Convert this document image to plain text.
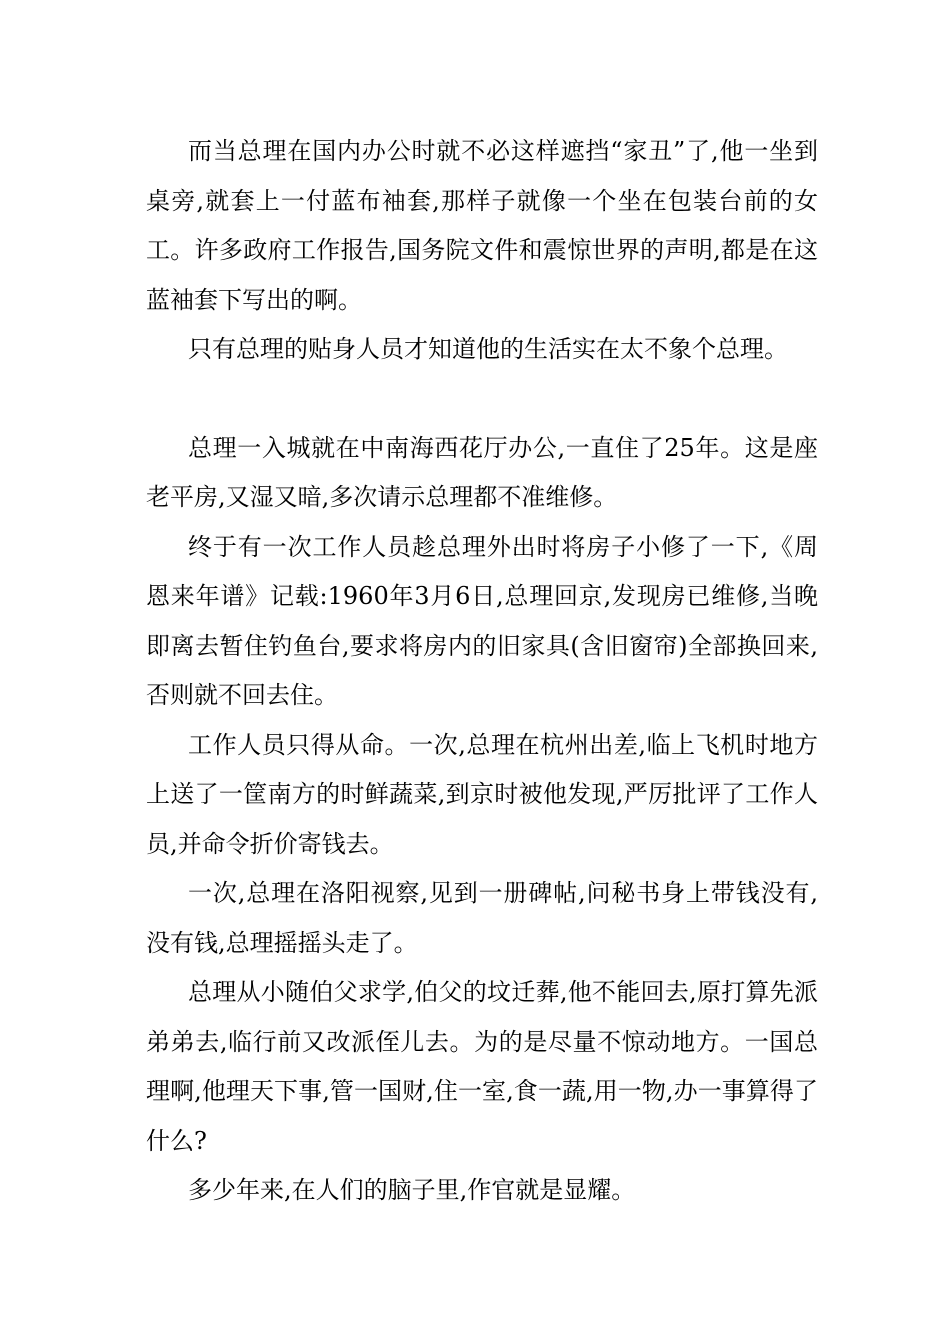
而当总理在国内办公时就不必这样遮挡“家丑”了,他一坐到桌旁,就套上一付蓝布袖套,那样子就像一个坐在包装台前的女工。许多政府工作报告,国务院文件和震惊世界的声明,都是在这蓝袖套下写出的啊。

只有总理的贴身人员才知道他的生活实在太不象个总理。

总理一入城就在中南海西花厅办公,一直住了25年。这是座老平房,又湿又暗,多次请示总理都不准维修。

终于有一次工作人员趁总理外出时将房子小修了一下,《周恩来年谱》记载:1960年3月6日,总理回京,发现房已维修,当晚即离去暂住钓鱼台,要求将房内的旧家具(含旧窗帘)全部换回来,否则就不回去住。

工作人员只得从命。一次,总理在杭州出差,临上飞机时地方上送了一筐南方的时鲜蔬菜,到京时被他发现,严厉批评了工作人员,并命令折价寄钱去。

一次,总理在洛阳视察,见到一册碑帖,问秘书身上带钱没有,没有钱,总理摇摇头走了。

总理从小随伯父求学,伯父的坟迁葬,他不能回去,原打算先派弟弟去,临行前又改派侄儿去。为的是尽量不惊动地方。一国总理啊,他理天下事,管一国财,住一室,食一蔬,用一物,办一事算得了什么?

多少年来,在人们的脑子里,作官就是显耀。
